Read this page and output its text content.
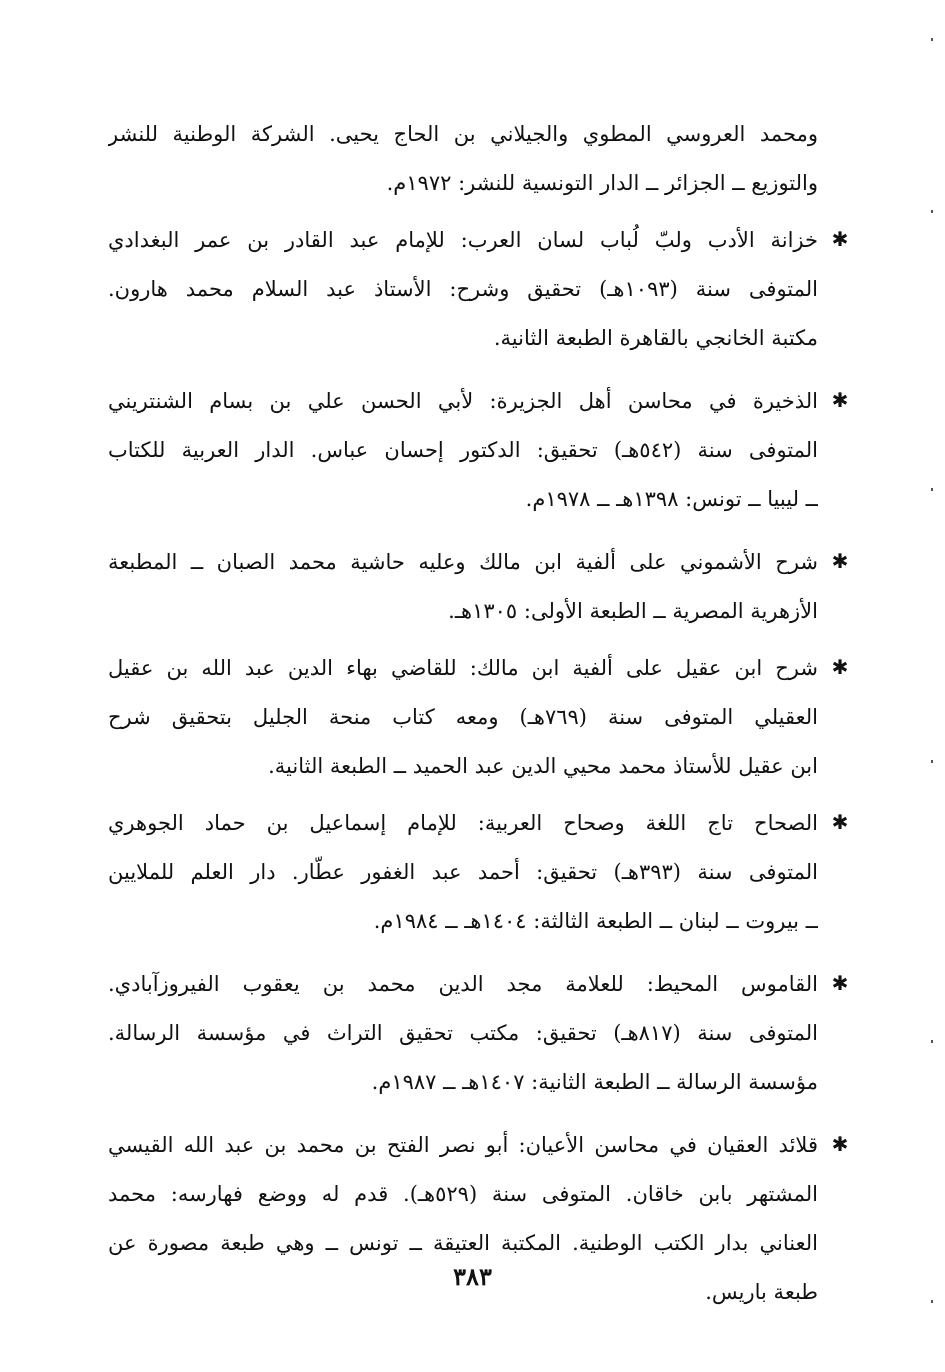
ومحمد العروسي المطوي والجيلاني بن الحاج يحيى. الشركة الوطنية للنشر
والتوزيع ــ الجزائر ــ الدار التونسية للنشر: ١٩٧٢م.
✱
خزانة الأدب ولبّ لُباب لسان العرب: للإمام عبد القادر بن عمر البغدادي
المتوفى سنة (١٠٩٣هـ) تحقيق وشرح: الأستاذ عبد السلام محمد هارون.
مكتبة الخانجي بالقاهرة الطبعة الثانية.
✱
الذخيرة في محاسن أهل الجزيرة: لأبي الحسن علي بن بسام الشنتريني
المتوفى سنة (٥٤٢هـ) تحقيق: الدكتور إحسان عباس. الدار العربية للكتاب
ــ ليبيا ــ تونس: ١٣٩٨هـ ــ ١٩٧٨م.
✱
شرح الأشموني على ألفية ابن مالك وعليه حاشية محمد الصبان ــ المطبعة
الأزهرية المصرية ــ الطبعة الأولى: ١٣٠٥هـ.
✱
شرح ابن عقيل على ألفية ابن مالك: للقاضي بهاء الدين عبد الله بن عقيل
العقيلي المتوفى سنة (٧٦٩هـ) ومعه كتاب منحة الجليل بتحقيق شرح
ابن عقيل للأستاذ محمد محيي الدين عبد الحميد ــ الطبعة الثانية.
✱
الصحاح تاج اللغة وصحاح العربية: للإمام إسماعيل بن حماد الجوهري
المتوفى سنة (٣٩٣هـ) تحقيق: أحمد عبد الغفور عطّار. دار العلم للملايين
ــ بيروت ــ لبنان ــ الطبعة الثالثة: ١٤٠٤هـ ــ ١٩٨٤م.
✱
القاموس المحيط: للعلامة مجد الدين محمد بن يعقوب الفيروزآبادي.
المتوفى سنة (٨١٧هـ) تحقيق: مكتب تحقيق التراث في مؤسسة الرسالة.
مؤسسة الرسالة ــ الطبعة الثانية: ١٤٠٧هـ ــ ١٩٨٧م.
✱
قلائد العقيان في محاسن الأعيان: أبو نصر الفتح بن محمد بن عبد الله القيسي
المشتهر بابن خاقان. المتوفى سنة (٥٢٩هـ). قدم له ووضع فهارسه: محمد
العناني بدار الكتب الوطنية. المكتبة العتيقة ــ تونس ــ وهي طبعة مصورة عن
طبعة باريس.
٣٨٣
